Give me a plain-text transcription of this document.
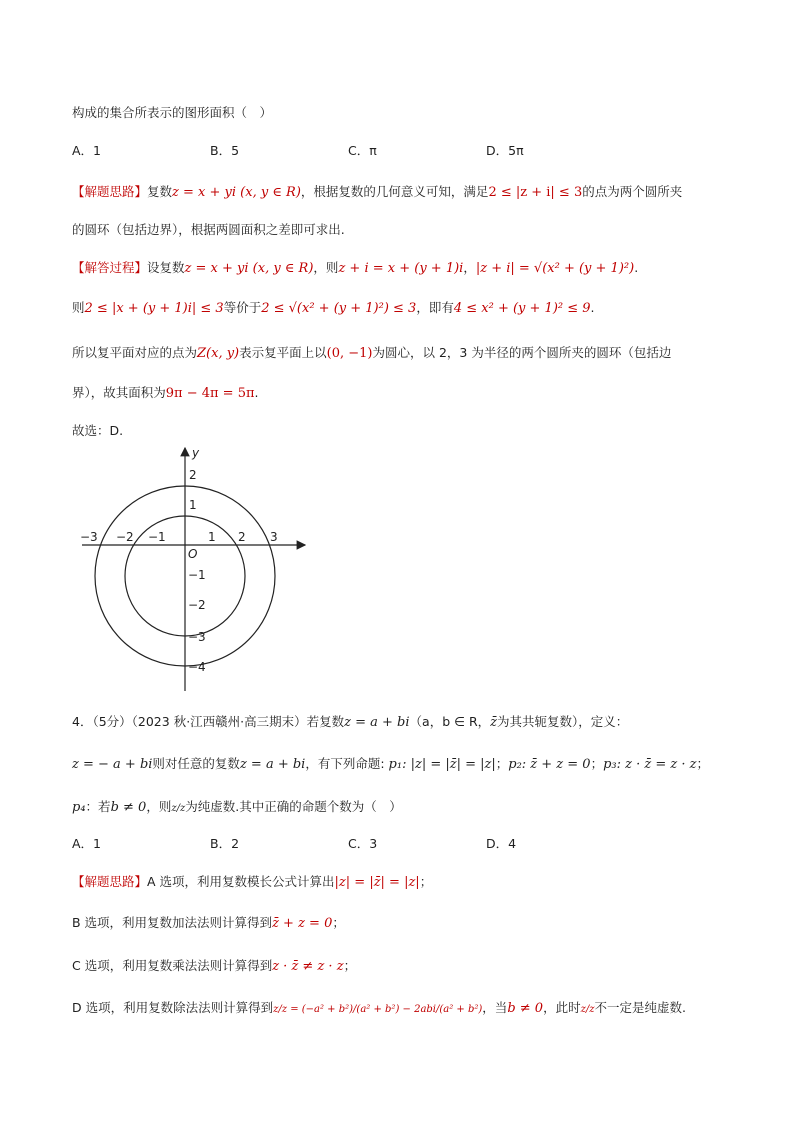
构成的集合所表示的图形面积（　）
A．1	B．5	C．π	D．5π
【解题思路】复数z = x + yi (x, y ∈ R)，根据复数的几何意义可知，满足2 ≤ |z + i| ≤ 3的点为两个圆所夹
的圆环（包括边界），根据两圆面积之差即可求出.
【解答过程】设复数z = x + yi (x, y ∈ R)，则z + i = x + (y + 1)i，|z + i| = √(x² + (y + 1)²).
则2 ≤ |x + (y + 1)i| ≤ 3等价于2 ≤ √(x² + (y + 1)²) ≤ 3，即有4 ≤ x² + (y + 1)² ≤ 9.
所以复平面对应的点为Z(x, y)表示复平面上以(0, −1)为圆心，以 2，3 为半径的两个圆所夹的圆环（包括边
界），故其面积为9π − 4π = 5π.
故选：D.
y
O
−3 −2 −1	1 2 3
2
1
−1
−2
−3
−4
4．（5分）（2023 秋·江西赣州·高三期末）若复数z = a + bi（a，b ∈ R，z̄为其共轭复数），定义：
z = − a + bi则对任意的复数z = a + bi，有下列命题: p₁: |z| = |z̄| = |z|；p₂: z̄ + z = 0；p₃: z · z̄ = z · z；
p₄：若b ≠ 0，则z/z为纯虚数.其中正确的命题个数为（　）
A．1	B．2	C．3	D．4
【解题思路】A 选项，利用复数模长公式计算出|z| = |z̄| = |z|；
B 选项，利用复数加法法则计算得到z̄ + z = 0；
C 选项，利用复数乘法法则计算得到z · z̄ ≠ z · z；
D 选项，利用复数除法法则计算得到z/z = (−a² + b²)/(a² + b²) − 2abi/(a² + b²)，当b ≠ 0，此时z/z不一定是纯虚数.
